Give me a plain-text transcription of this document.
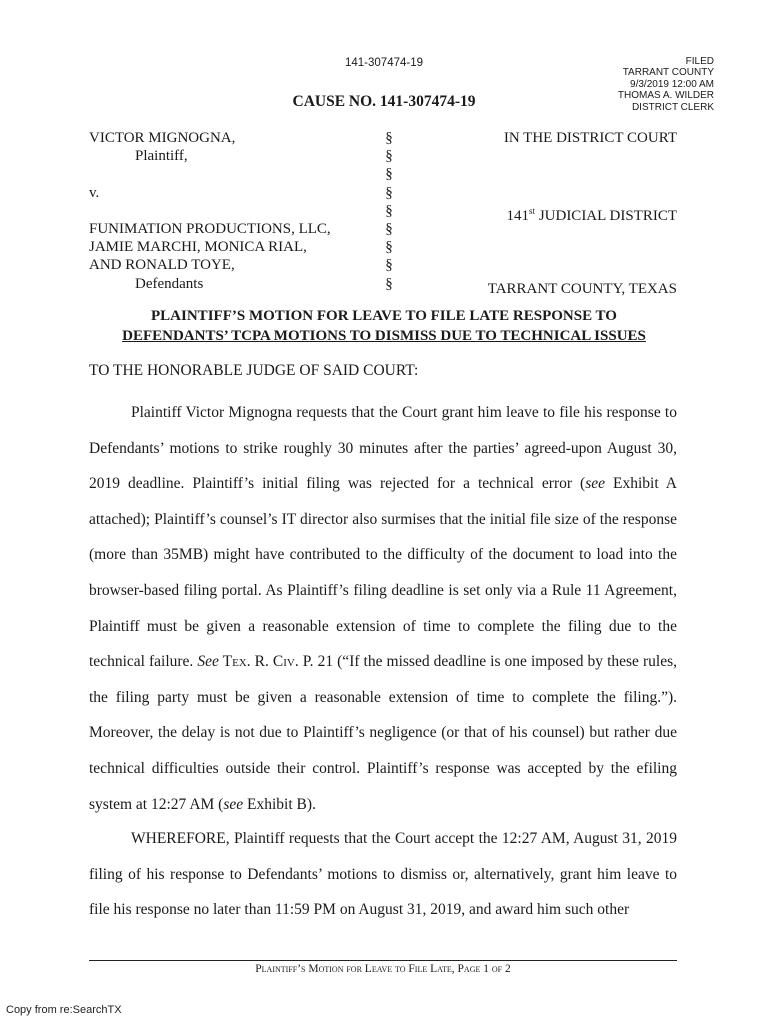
141-307474-19	FILED
TARRANT COUNTY
9/3/2019 12:00 AM
THOMAS A. WILDER
DISTRICT CLERK
CAUSE NO. 141-307474-19
VICTOR MIGNOGNA,
Plaintiff,

v.

FUNIMATION PRODUCTIONS, LLC,
JAMIE MARCHI, MONICA RIAL,
AND RONALD TOYE,
Defendants
§
§
§
§
§
§
§
§
§
IN THE DISTRICT COURT

141st JUDICIAL DISTRICT

TARRANT COUNTY, TEXAS
PLAINTIFF’S MOTION FOR LEAVE TO FILE LATE RESPONSE TO
DEFENDANTS’ TCPA MOTIONS TO DISMISS DUE TO TECHNICAL ISSUES
TO THE HONORABLE JUDGE OF SAID COURT:
Plaintiff Victor Mignogna requests that the Court grant him leave to file his response to Defendants’ motions to strike roughly 30 minutes after the parties’ agreed-upon August 30, 2019 deadline. Plaintiff’s initial filing was rejected for a technical error (see Exhibit A attached); Plaintiff’s counsel’s IT director also surmises that the initial file size of the response (more than 35MB) might have contributed to the difficulty of the document to load into the browser-based filing portal. As Plaintiff’s filing deadline is set only via a Rule 11 Agreement, Plaintiff must be given a reasonable extension of time to complete the filing due to the technical failure. See Tex. R. Civ. P. 21 (“If the missed deadline is one imposed by these rules, the filing party must be given a reasonable extension of time to complete the filing.”). Moreover, the delay is not due to Plaintiff’s negligence (or that of his counsel) but rather due technical difficulties outside their control. Plaintiff’s response was accepted by the efiling system at 12:27 AM (see Exhibit B).
WHEREFORE, Plaintiff requests that the Court accept the 12:27 AM, August 31, 2019 filing of his response to Defendants’ motions to dismiss or, alternatively, grant him leave to file his response no later than 11:59 PM on August 31, 2019, and award him such other
Plaintiff’s Motion for Leave to File Late, Page 1 of 2
Copy from re:SearchTX
